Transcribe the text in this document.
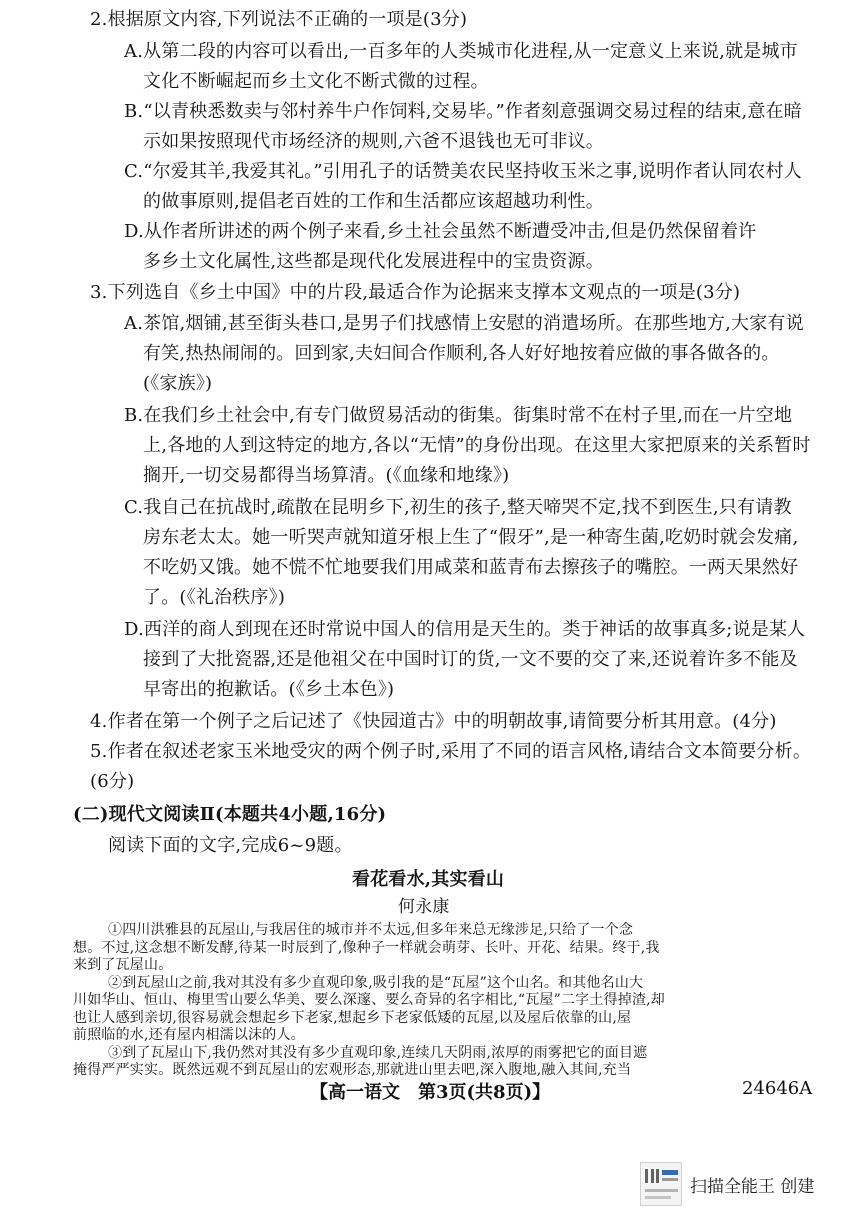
2.根据原文内容,下列说法不正确的一项是(3分)
A.从第二段的内容可以看出,一百多年的人类城市化进程,从一定意义上来说,就是城市
文化不断崛起而乡土文化不断式微的过程。
B.“以青秧悉数卖与邻村养牛户作饲料,交易毕。”作者刻意强调交易过程的结束,意在暗
示如果按照现代市场经济的规则,六爸不退钱也无可非议。
C.“尔爱其羊,我爱其礼。”引用孔子的话赞美农民坚持收玉米之事,说明作者认同农村人
的做事原则,提倡老百姓的工作和生活都应该超越功利性。
D.从作者所讲述的两个例子来看,乡土社会虽然不断遭受冲击,但是仍然保留着许
多乡土文化属性,这些都是现代化发展进程中的宝贵资源。
3.下列选自《乡土中国》中的片段,最适合作为论据来支撑本文观点的一项是(3分)
A.茶馆,烟铺,甚至街头巷口,是男子们找感情上安慰的消遣场所。在那些地方,大家有说
有笑,热热闹闹的。回到家,夫妇间合作顺利,各人好好地按着应做的事各做各的。
(《家族》)
B.在我们乡土社会中,有专门做贸易活动的街集。街集时常不在村子里,而在一片空地
上,各地的人到这特定的地方,各以“无情”的身份出现。在这里大家把原来的关系暂时
搁开,一切交易都得当场算清。(《血缘和地缘》)
C.我自己在抗战时,疏散在昆明乡下,初生的孩子,整天啼哭不定,找不到医生,只有请教
房东老太太。她一听哭声就知道牙根上生了“假牙”,是一种寄生菌,吃奶时就会发痛,
不吃奶又饿。她不慌不忙地要我们用咸菜和蓝青布去擦孩子的嘴腔。一两天果然好
了。(《礼治秩序》)
D.西洋的商人到现在还时常说中国人的信用是天生的。类于神话的故事真多;说是某人
接到了大批瓷器,还是他祖父在中国时订的货,一文不要的交了来,还说着许多不能及
早寄出的抱歉话。(《乡土本色》)
4.作者在第一个例子之后记述了《快园道古》中的明朝故事,请简要分析其用意。(4分)
5.作者在叙述老家玉米地受灾的两个例子时,采用了不同的语言风格,请结合文本简要分析。
(6分)
(二)现代文阅读Ⅱ(本题共4小题,16分)
阅读下面的文字,完成6~9题。
看花看水,其实看山
何永康
①四川洪雅县的瓦屋山,与我居住的城市并不太远,但多年来总无缘涉足,只给了一个念
想。不过,这念想不断发酵,待某一时辰到了,像种子一样就会萌芽、长叶、开花、结果。终于,我
来到了瓦屋山。
②到瓦屋山之前,我对其没有多少直观印象,吸引我的是“瓦屋”这个山名。和其他名山大
川如华山、恒山、梅里雪山要么华美、要么深邃、要么奇异的名字相比,“瓦屋”二字土得掉渣,却
也让人感到亲切,很容易就会想起乡下老家,想起乡下老家低矮的瓦屋,以及屋后依靠的山,屋
前照临的水,还有屋内相濡以沫的人。
③到了瓦屋山下,我仍然对其没有多少直观印象,连续几天阴雨,浓厚的雨雾把它的面目遮
掩得严严实实。既然远观不到瓦屋山的宏观形态,那就进山里去吧,深入腹地,融入其间,充当
【高一语文　第3页(共8页)】	24646A
扫描全能王 创建
